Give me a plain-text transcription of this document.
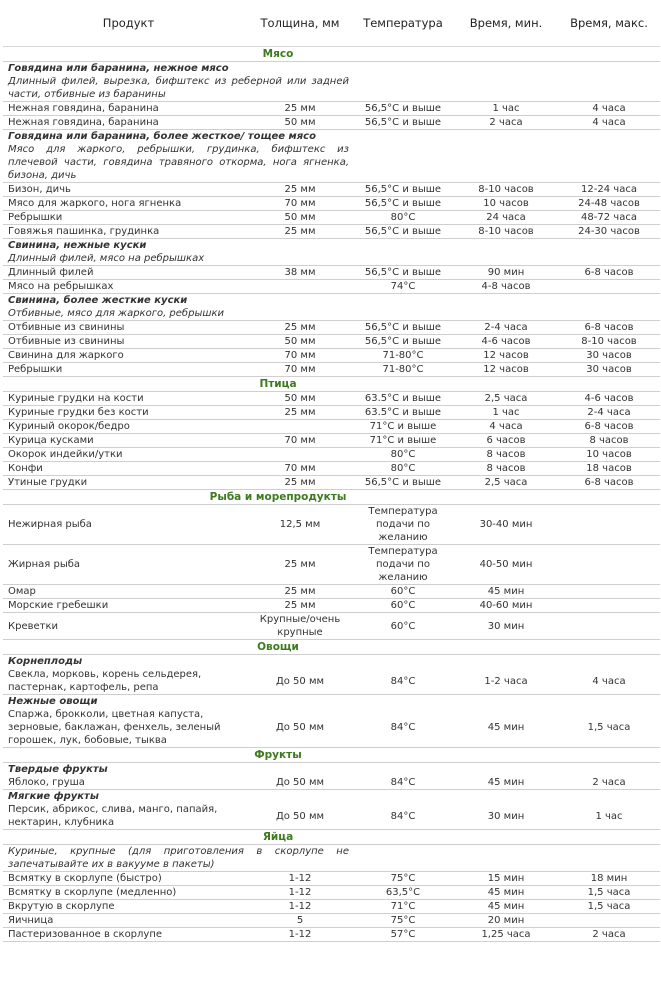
Продукт	Толщина, мм	Температура	Время, мин.	Время, макс.
Мясо				
Говядина или баранина, нежное мясо				
Длинный филей, вырезка, бифштекс из реберной или задней части, отбивные из баранины				
Нежная говядина, баранина	25 мм	56,5°C и выше	1 час	4 часа
Нежная говядина, баранина	50 мм	56,5°C и выше	2 часа	4 часа
Говядина или баранина, более жесткое/ тощее мясо				
Мясо для жаркого, ребрышки, грудинка, бифштекс из плечевой части, говядина травяного откорма, нога ягненка, бизона, дичь				
Бизон, дичь	25 мм	56,5°C и выше	8-10 часов	12-24 часа
Мясо для жаркого, нога ягненка	70 мм	56,5°C и выше	10 часов	24-48 часов
Ребрышки	50 мм	80°C	24 часа	48-72 часа
Говяжья пашинка, грудинка	25 мм	56,5°C и выше	8-10 часов	24-30 часов
Свинина, нежные куски				
Длинный филей, мясо на ребрышках				
Длинный филей	38 мм	56,5°C и выше	90 мин	6-8 часов
Мясо на ребрышках		74°C	4-8 часов	
Свинина, более жесткие куски				
Отбивные, мясо для жаркого, ребрышки				
Отбивные из свинины	25 мм	56,5°C и выше	2-4 часа	6-8 часов
Отбивные из свинины	50 мм	56,5°C и выше	4-6 часов	8-10 часов
Свинина для жаркого	70 мм	71-80°C	12 часов	30 часов
Ребрышки	70 мм	71-80°C	12 часов	30 часов
Птица				
Куриные грудки на кости	50 мм	63.5°C и выше	2,5 часа	4-6 часов
Куриные грудки без кости	25 мм	63.5°C и выше	1 час	2-4 часа
Куриный окорок/бедро		71°C и выше	4 часа	6-8 часов
Курица кусками	70 мм	71°C и выше	6 часов	8 часов
Окорок индейки/утки		80°C	8 часов	10 часов
Конфи	70 мм	80°C	8 часов	18 часов
Утиные грудки	25 мм	56,5°C и выше	2,5 часа	6-8 часов
Рыба и морепродукты				
Нежирная рыба	12,5 мм	Температура подачи по желанию	30-40 мин	
Жирная рыба	25 мм	Температура подачи по желанию	40-50 мин	
Омар	25 мм	60°C	45 мин	
Морские гребешки	25 мм	60°C	40-60 мин	
Креветки	Крупные/очень крупные	60°C	30 мин	
Овощи				
Корнеплоды				
Свекла, морковь, корень сельдерея, пастернак, картофель, репа	До 50 мм	84°C	1-2 часа	4 часа
Нежные овощи				
Спаржа, брокколи, цветная капуста, зерновые, баклажан, фенхель, зеленый горошек, лук, бобовые, тыква	До 50 мм	84°C	45 мин	1,5 часа
Фрукты				
Твердые фрукты				
Яблоко, груша	До 50 мм	84°C	45 мин	2 часа
Мягкие фрукты				
Персик, абрикос, слива, манго, папайя, нектарин, клубника	До 50 мм	84°C	30 мин	1 час
Яйца				
Куриные, крупные (для приготовления в скорлупе не запечатывайте их в вакууме в пакеты)				
Всмятку в скорлупе (быстро)	1-12	75°C	15 мин	18 мин
Всмятку в скорлупе (медленно)	1-12	63,5°C	45 мин	1,5 часа
Вкрутую в скорлупе	1-12	71°C	45 мин	1,5 часа
Яичница	5	75°C	20 мин	
Пастеризованное в скорлупе	1-12	57°C	1,25 часа	2 часа
